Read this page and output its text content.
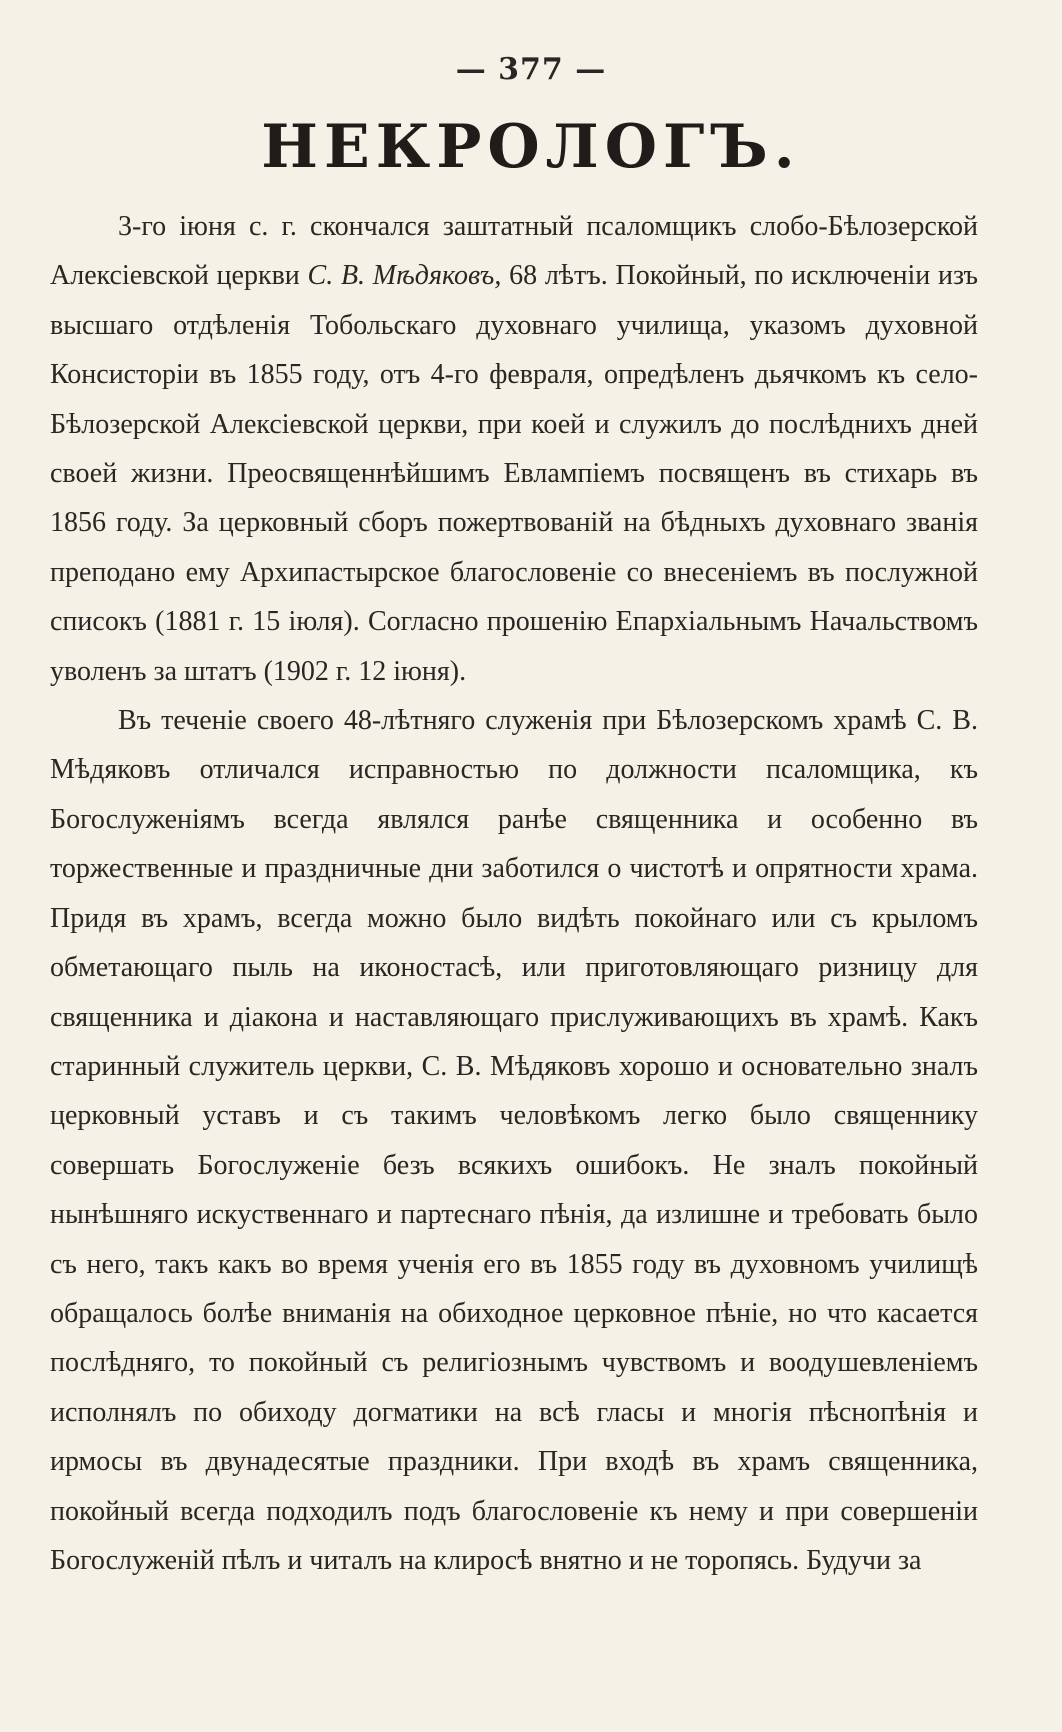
— 377 —
НЕКРОЛОГЪ.

3-го іюня с. г. скончался заштатный псаломщикъ слобо-Бѣлозерской Алексіевской церкви С. В. Мѣдяковъ, 68 лѣтъ. Покойный, по исключеніи изъ высшаго отдѣленія Тобольскаго духовнаго училища, указомъ духовной Консисторіи въ 1855 году, отъ 4-го февраля, опредѣленъ дьячкомъ къ село-Бѣлозерской Алексіевской церкви, при коей и служилъ до послѣднихъ дней своей жизни. Преосвященнѣйшимъ Евлампіемъ посвященъ въ стихарь въ 1856 году. За церковный сборъ пожертвованій на бѣдныхъ духовнаго званія преподано ему Архипастырское благословеніе со внесеніемъ въ послужной списокъ (1881 г. 15 іюля). Согласно прошенію Епархіальнымъ Начальствомъ уволенъ за штатъ (1902 г. 12 іюня).

Въ теченіе своего 48-лѣтняго служенія при Бѣлозерскомъ храмѣ С. В. Мѣдяковъ отличался исправностью по должности псаломщика, къ Богослуженіямъ всегда являлся ранѣе священника и особенно въ торжественные и праздничные дни заботился о чистотѣ и опрятности храма. Придя въ храмъ, всегда можно было видѣть покойнаго или съ крыломъ обметающаго пыль на иконостасѣ, или приготовляющаго ризницу для священника и діакона и наставляющаго прислуживающихъ въ храмѣ. Какъ старинный служитель церкви, С. В. Мѣдяковъ хорошо и основательно зналъ церковный уставъ и съ такимъ человѣкомъ легко было священнику совершать Богослуженіе безъ всякихъ ошибокъ. Не зналъ покойный нынѣшняго искуственнаго и партеснаго пѣнія, да излишне и требовать было съ него, такъ какъ во время ученія его въ 1855 году въ духовномъ училищѣ обращалось болѣе вниманія на обиходное церковное пѣніе, но что касается послѣдняго, то покойный съ религіознымъ чувствомъ и воодушевленіемъ исполнялъ по обиходу догматики на всѣ гласы и многія пѣснопѣнія и ирмосы въ двунадесятые праздники. При входѣ въ храмъ священника, покойный всегда подходилъ подъ благословеніе къ нему и при совершеніи Богослуженій пѣлъ и читалъ на клиросѣ внятно и не торопясь. Будучи за
